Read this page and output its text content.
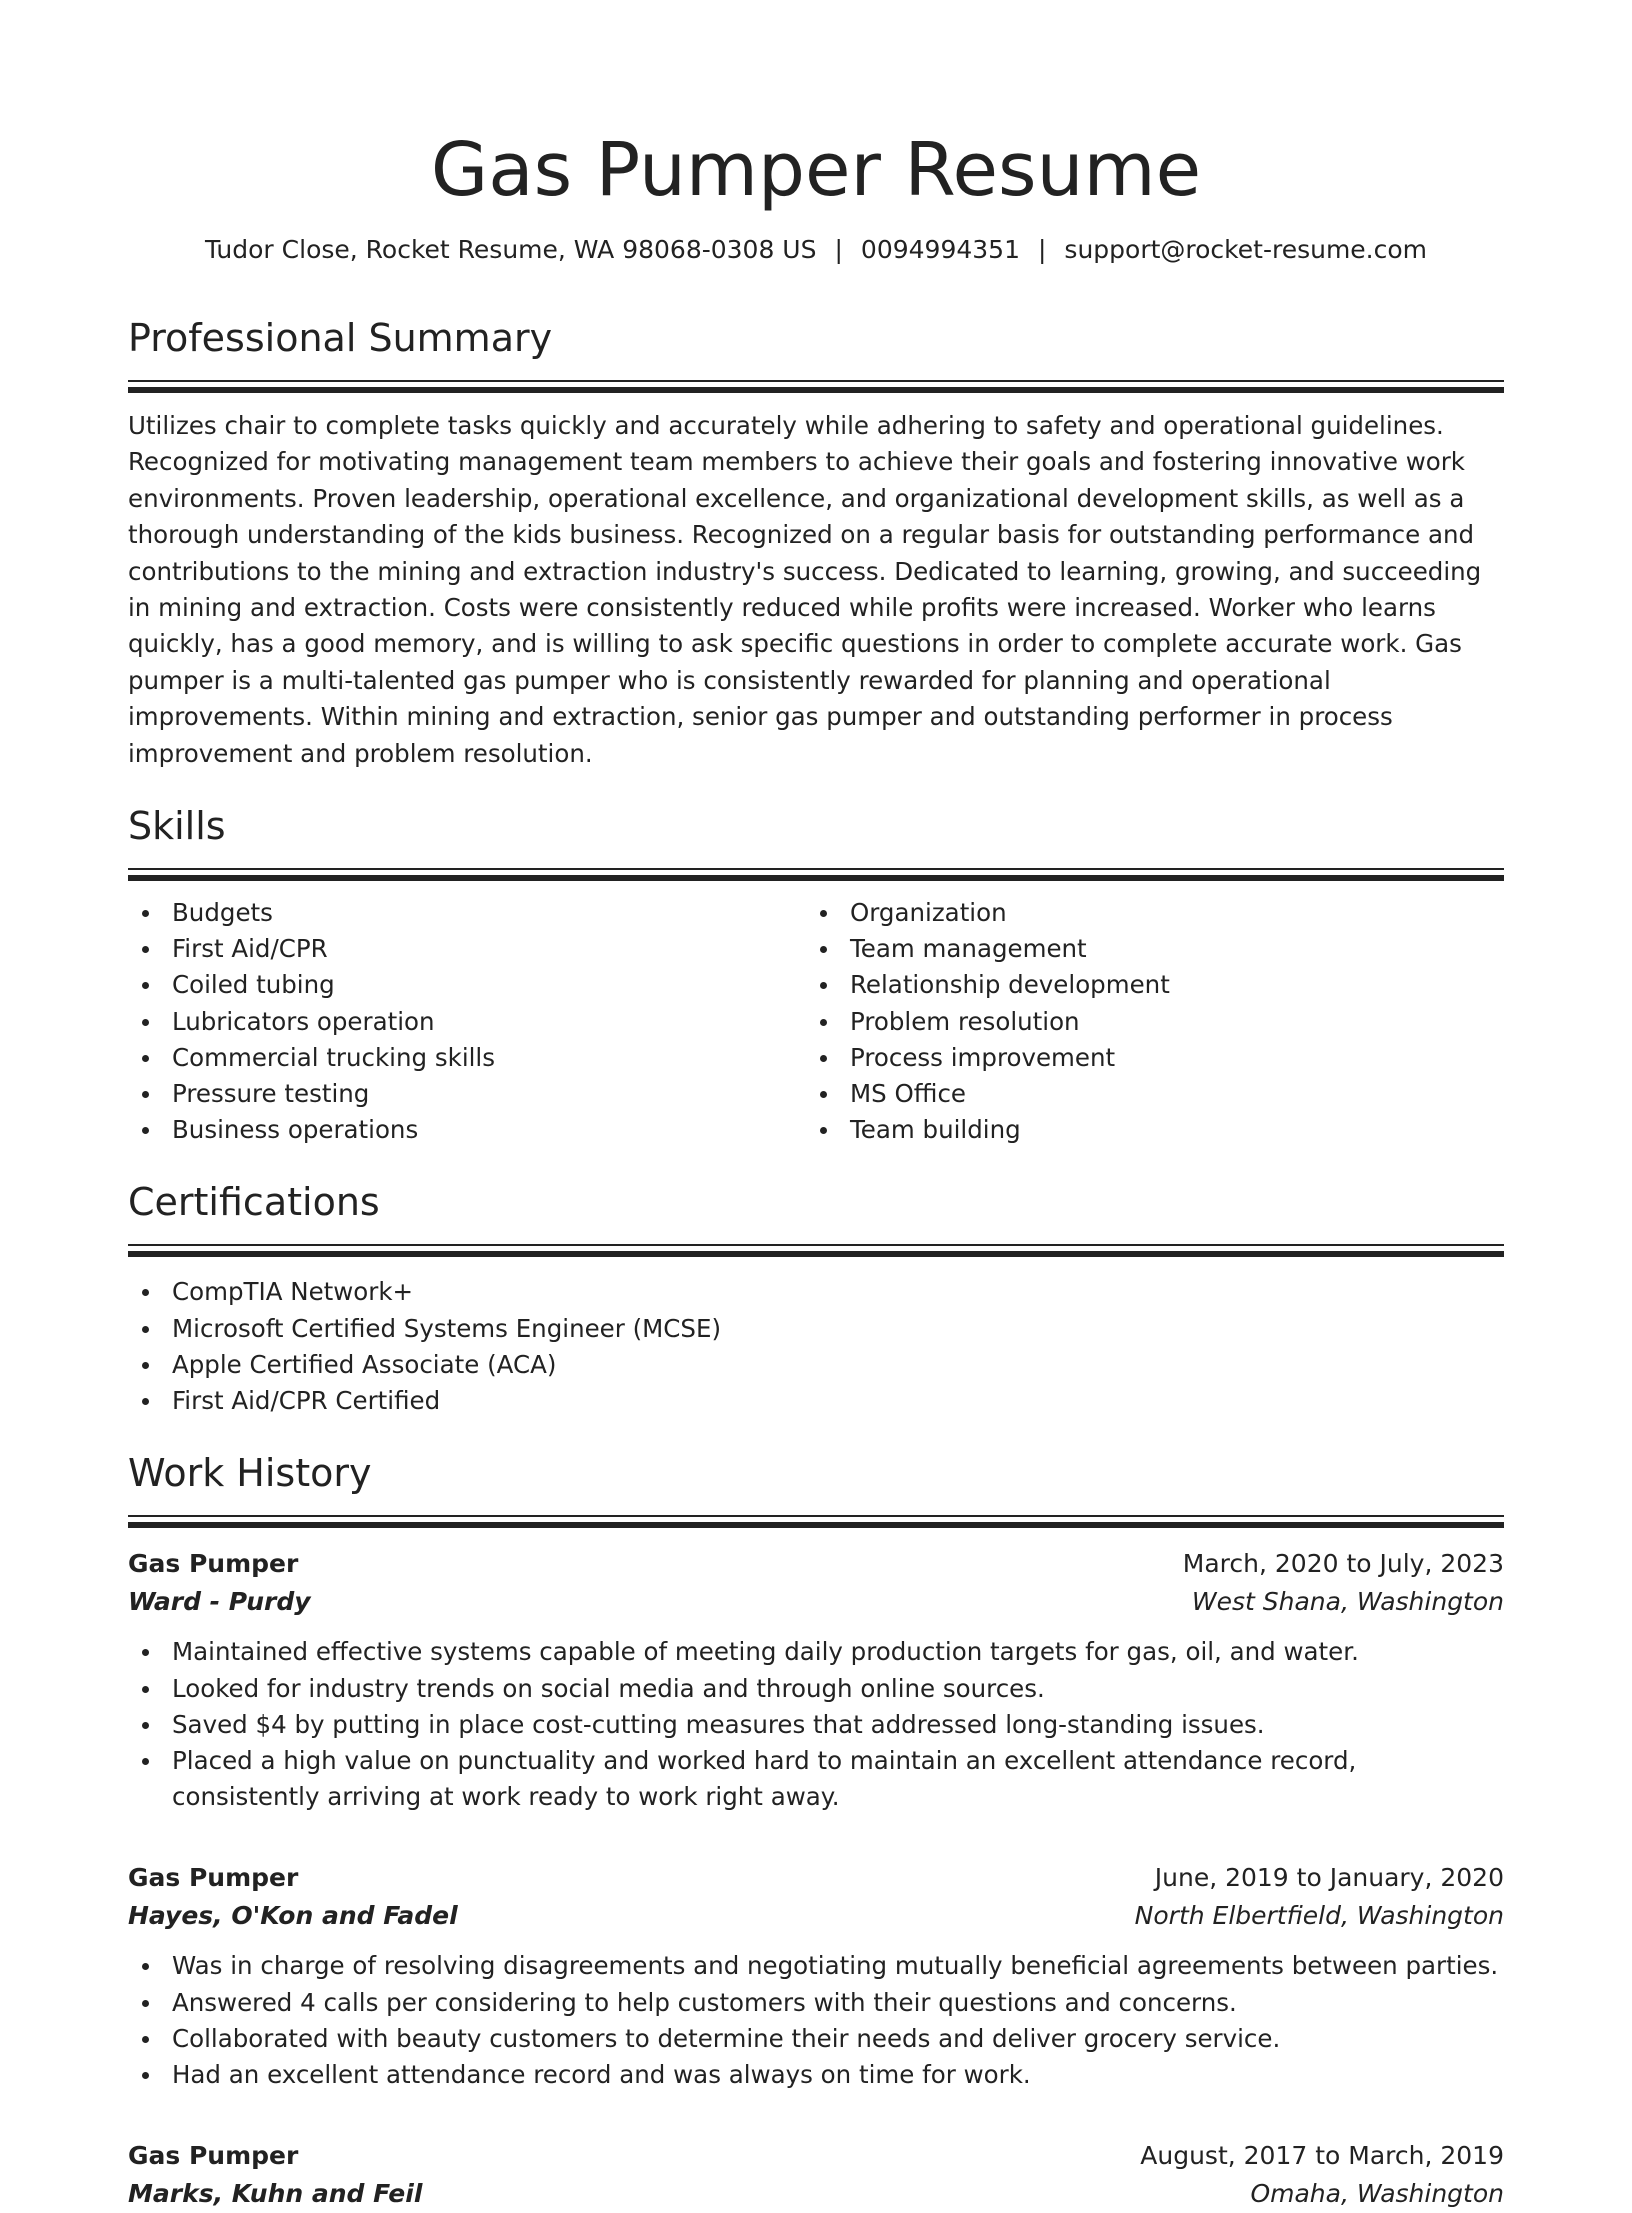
Gas Pumper Resume
Tudor Close, Rocket Resume, WA 98068-0308 US | 0094994351 | support@rocket-resume.com
Professional Summary

Utilizes chair to complete tasks quickly and accurately while adhering to safety and operational guidelines. Recognized for motivating management team members to achieve their goals and fostering innovative work environments. Proven leadership, operational excellence, and organizational development skills, as well as a thorough understanding of the kids business. Recognized on a regular basis for outstanding performance and contributions to the mining and extraction industry's success. Dedicated to learning, growing, and succeeding in mining and extraction. Costs were consistently reduced while profits were increased. Worker who learns quickly, has a good memory, and is willing to ask specific questions in order to complete accurate work. Gas pumper is a multi-talented gas pumper who is consistently rewarded for planning and operational improvements. Within mining and extraction, senior gas pumper and outstanding performer in process improvement and problem resolution.

Skills
Budgets
First Aid/CPR
Coiled tubing
Lubricators operation
Commercial trucking skills
Pressure testing
Business operations
Organization
Team management
Relationship development
Problem resolution
Process improvement
MS Office
Team building
Certifications
CompTIA Network+
Microsoft Certified Systems Engineer (MCSE)
Apple Certified Associate (ACA)
First Aid/CPR Certified
Work History
Gas Pumper	March, 2020 to July, 2023
Ward - Purdy	West Shana, Washington
Maintained effective systems capable of meeting daily production targets for gas, oil, and water.
Looked for industry trends on social media and through online sources.
Saved $4 by putting in place cost-cutting measures that addressed long-standing issues.
Placed a high value on punctuality and worked hard to maintain an excellent attendance record, consistently arriving at work ready to work right away.
Gas Pumper	June, 2019 to January, 2020
Hayes, O'Kon and Fadel	North Elbertfield, Washington
Was in charge of resolving disagreements and negotiating mutually beneficial agreements between parties.
Answered 4 calls per considering to help customers with their questions and concerns.
Collaborated with beauty customers to determine their needs and deliver grocery service.
Had an excellent attendance record and was always on time for work.
Gas Pumper	August, 2017 to March, 2019
Marks, Kuhn and Feil	Omaha, Washington
